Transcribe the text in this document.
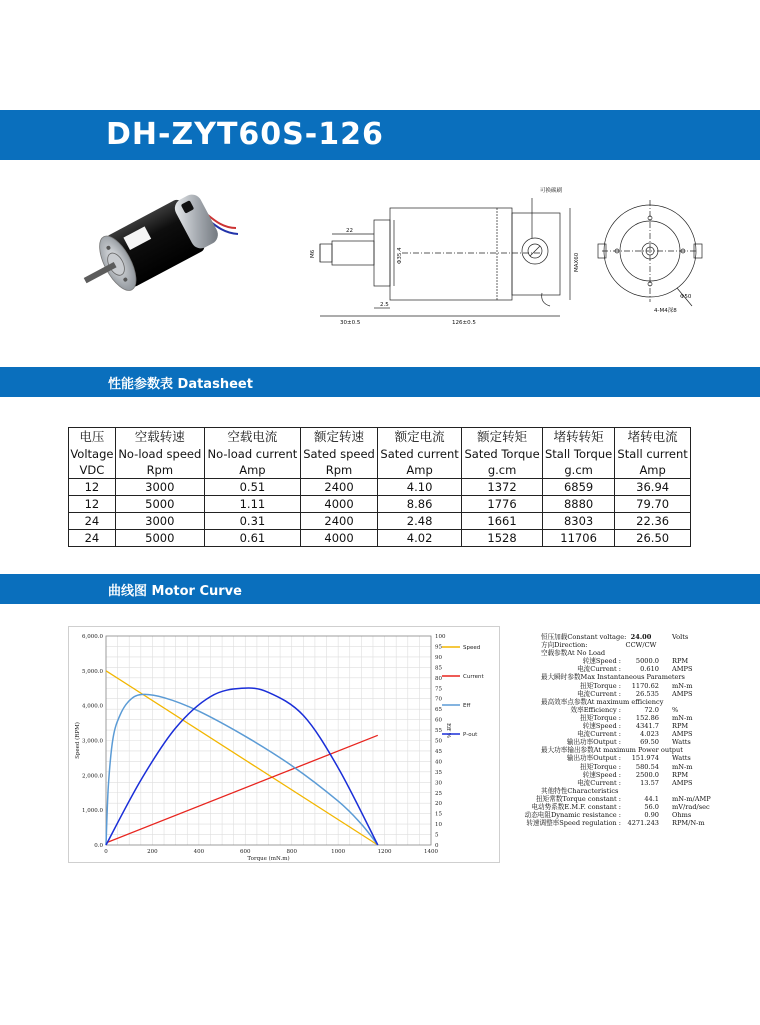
DH-ZYT60S-126
可换碳刷
22
M6	Φ35.4	MAX60
Φ50
4-M4深8
2.5
30±0.5	126±0.5
性能参数表 Datasheet
电压	空载转速	空载电流	额定转速	额定电流	额定转矩	堵转转矩	堵转电流
Voltage	No-load speed	No-load current	Sated speed	Sated current	Sated Torque	Stall Torque	Stall current
VDC	Rpm	Amp	Rpm	Amp	g.cm	g.cm	Amp
12	3000	0.51	2400	4.10	1372	6859	36.94
12	5000	1.11	4000	8.86	1776	8880	79.70
24	3000	0.31	2400	2.48	1661	8303	22.36
24	5000	0.61	4000	4.02	1528	11706	26.50
曲线图 Motor Curve
0	200	400	600	800	1000	1200	1400
0.0
1,000.0
2,000.0
3,000.0
4,000.0
5,000.0
6,000.0
0
5
10
15
20
25
30
35
40
45
50
55
60
65
70
75
80
85
90
95
100
Torque (mN.m)
Speed (RPM)	Eff %
Speed
Current
Eff
P-out
恒压加载Constant voltage: 24.00	Volts
方向Direction:	CCW/CW
空载参数At No Load
转速Speed :	5000.0 RPM
电流Current :	0.610 AMPS
最大瞬时参数Max Instantaneous Parameters
扭矩Torque :	1170.62 mN-m
电流Current :	26.535 AMPS
最高效率点参数At maximum efficiency
效率Efficiency :	72.0 %
扭矩Torque :	152.86 mN-m
转速Speed :	4341.7 RPM
电流Current :	4.023 AMPS
输出功率Output :	69.50 Watts
最大功率输出参数At maximum Power output
输出功率Output :	151.974 Watts
扭矩Torque :	580.54 mN-m
转速Speed :	2500.0 RPM
电流Current :	13.57 AMPS
其他特性Characteristics
扭矩常数Torque constant :	44.1 mN-m/AMP
电动势系数E.M.F. constant :	56.0 mV/rad/sec
动态电阻Dynamic resistance :	0.90 Ohms
转速调整率Speed regulation : 4271.243 RPM/N-m
